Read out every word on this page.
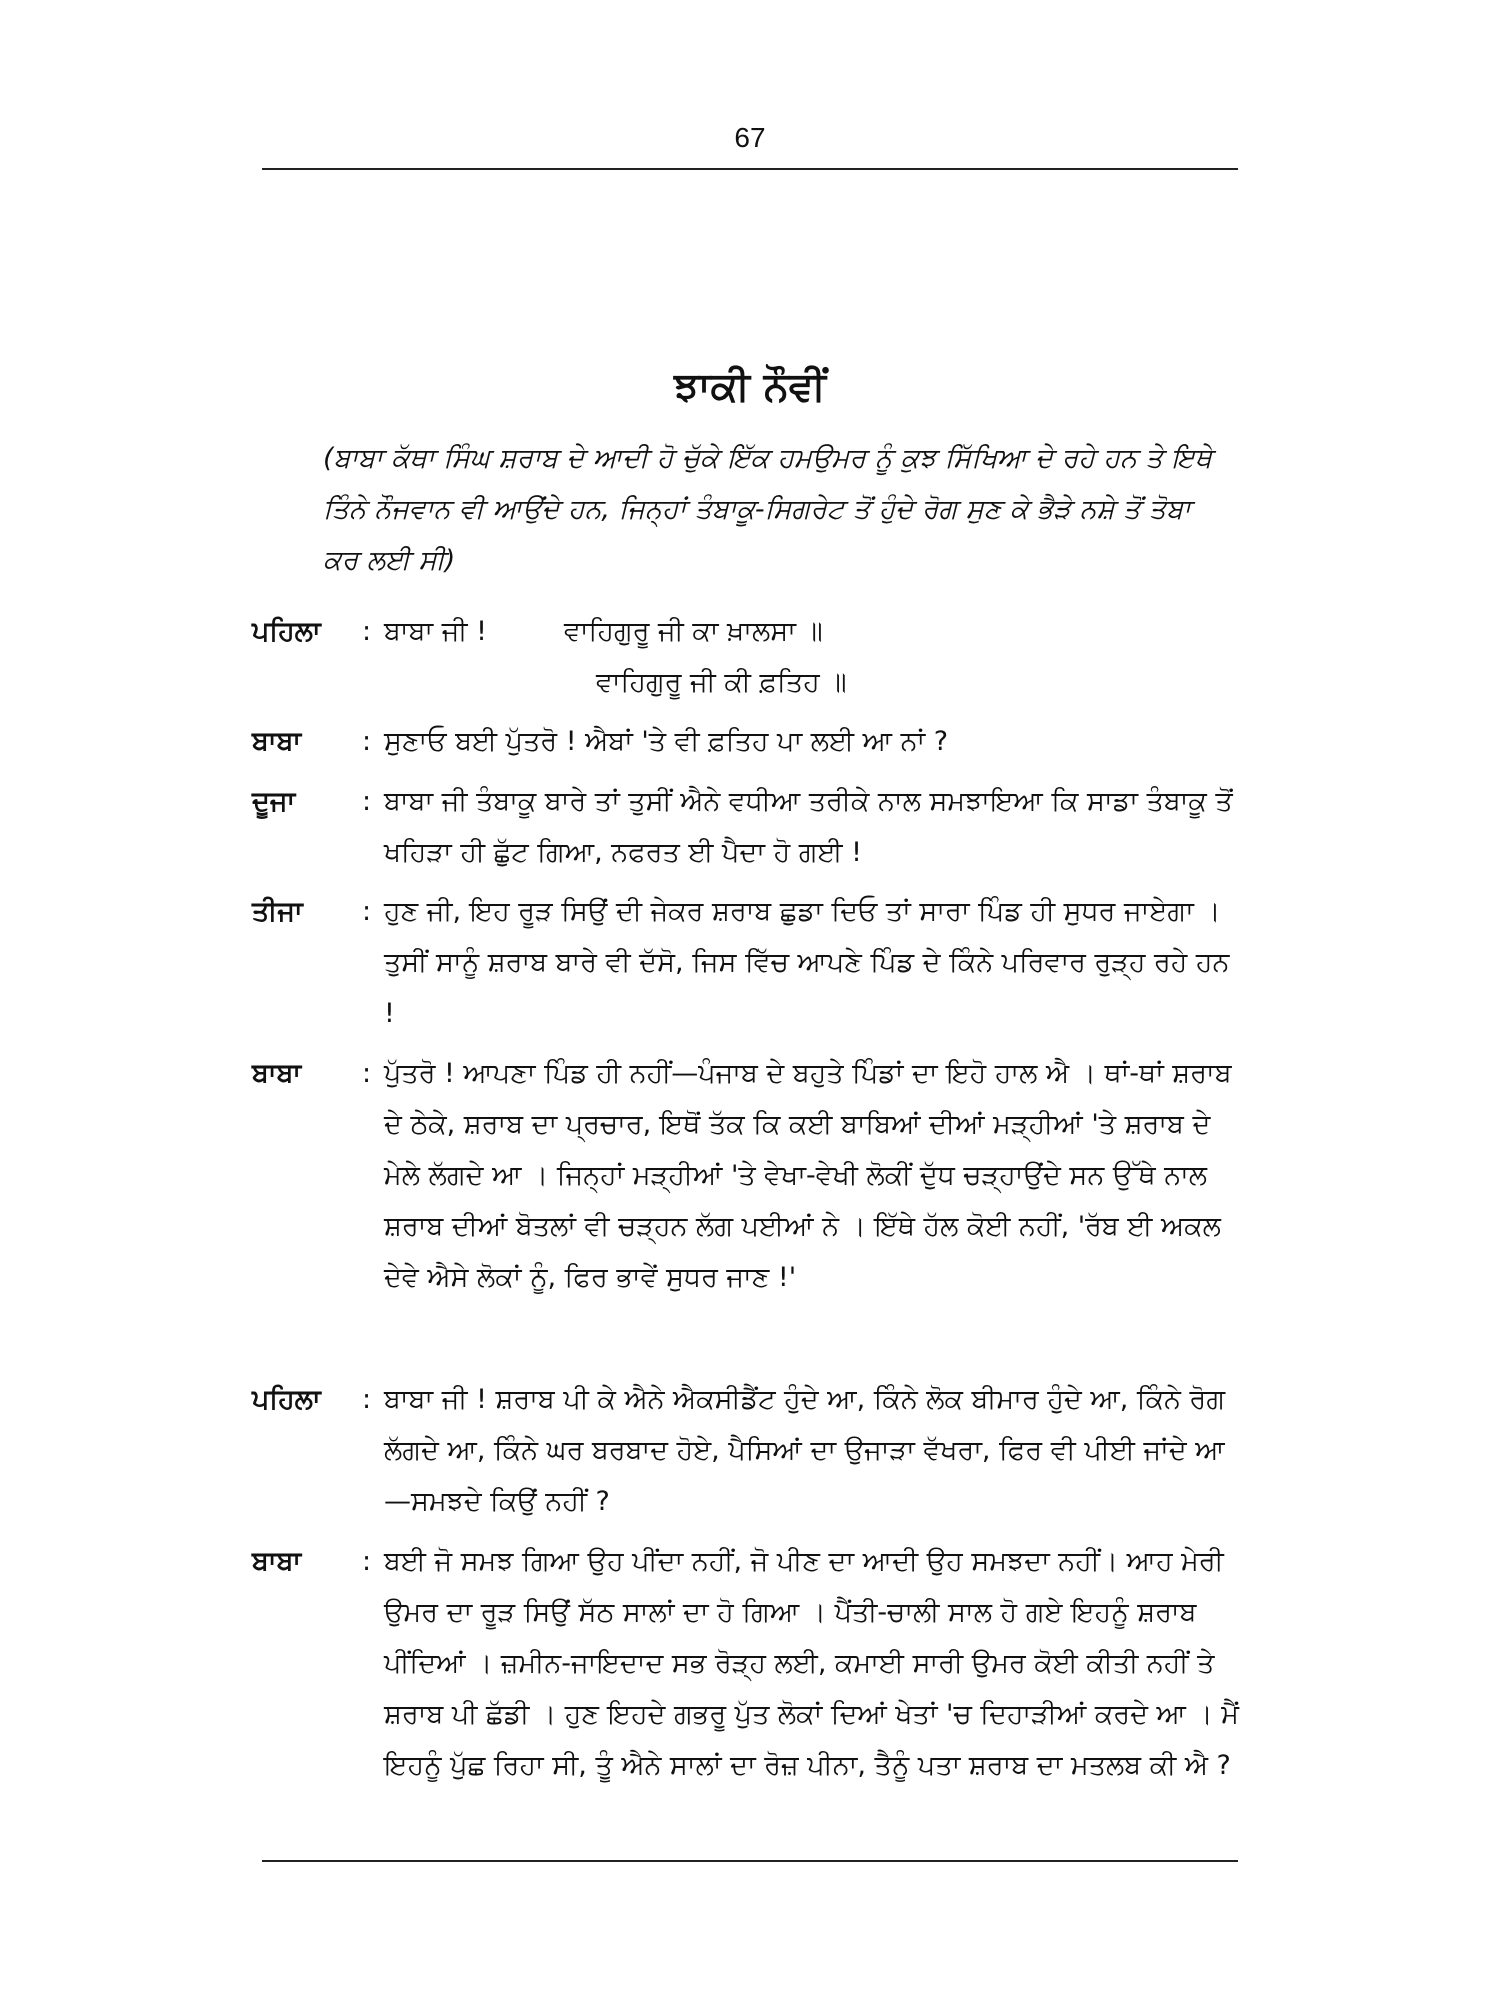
67
ਝਾਕੀ ਨੌਵੀਂ
(ਬਾਬਾ ਕੱਥਾ ਸਿੰਘ ਸ਼ਰਾਬ ਦੇ ਆਦੀ ਹੋ ਚੁੱਕੇ ਇੱਕ ਹਮਉਮਰ ਨੂੰ ਕੁਝ ਸਿੱਖਿਆ ਦੇ ਰਹੇ ਹਨ ਤੇ ਇਥੇ ਤਿੰਨੇ ਨੌਜਵਾਨ ਵੀ ਆਉਂਦੇ ਹਨ, ਜਿਨ੍ਹਾਂ ਤੰਬਾਕੂ-ਸਿਗਰੇਟ ਤੋਂ ਹੁੰਦੇ ਰੋਗ ਸੁਣ ਕੇ ਭੈੜੇ ਨਸ਼ੇ ਤੋਂ ਤੋਬਾ ਕਰ ਲਈ ਸੀ)
ਪਹਿਲਾ	: ਬਾਬਾ ਜੀ !	ਵਾਹਿਗੁਰੂ ਜੀ ਕਾ ਖ਼ਾਲਸਾ ॥
ਵਾਹਿਗੁਰੂ ਜੀ ਕੀ ਫ਼ਤਿਹ ॥
ਬਾਬਾ	: ਸੁਣਾਓ ਬਈ ਪੁੱਤਰੋ ! ਐਬਾਂ 'ਤੇ ਵੀ ਫ਼ਤਿਹ ਪਾ ਲਈ ਆ ਨਾਂ ?
ਦੂਜਾ	: ਬਾਬਾ ਜੀ ਤੰਬਾਕੂ ਬਾਰੇ ਤਾਂ ਤੁਸੀਂ ਐਨੇ ਵਧੀਆ ਤਰੀਕੇ ਨਾਲ ਸਮਝਾਇਆ ਕਿ ਸਾਡਾ ਤੰਬਾਕੂ ਤੋਂ ਖਹਿੜਾ ਹੀ ਛੁੱਟ ਗਿਆ, ਨਫਰਤ ਈ ਪੈਦਾ ਹੋ ਗਈ !
ਤੀਜਾ	: ਹੁਣ ਜੀ, ਇਹ ਰੂੜ ਸਿਉਂ ਦੀ ਜੇਕਰ ਸ਼ਰਾਬ ਛੁਡਾ ਦਿਓ ਤਾਂ ਸਾਰਾ ਪਿੰਡ ਹੀ ਸੁਧਰ ਜਾਏਗਾ । ਤੁਸੀਂ ਸਾਨੂੰ ਸ਼ਰਾਬ ਬਾਰੇ ਵੀ ਦੱਸੋ, ਜਿਸ ਵਿੱਚ ਆਪਣੇ ਪਿੰਡ ਦੇ ਕਿੰਨੇ ਪਰਿਵਾਰ ਰੁੜ੍ਹ ਰਹੇ ਹਨ !
ਬਾਬਾ	: ਪੁੱਤਰੋ ! ਆਪਣਾ ਪਿੰਡ ਹੀ ਨਹੀਂ—ਪੰਜਾਬ ਦੇ ਬਹੁਤੇ ਪਿੰਡਾਂ ਦਾ ਇਹੋ ਹਾਲ ਐ । ਥਾਂ-ਥਾਂ ਸ਼ਰਾਬ ਦੇ ਠੇਕੇ, ਸ਼ਰਾਬ ਦਾ ਪ੍ਰਚਾਰ, ਇਥੋਂ ਤੱਕ ਕਿ ਕਈ ਬਾਬਿਆਂ ਦੀਆਂ ਮੜ੍ਹੀਆਂ 'ਤੇ ਸ਼ਰਾਬ ਦੇ ਮੇਲੇ ਲੱਗਦੇ ਆ । ਜਿਨ੍ਹਾਂ ਮੜ੍ਹੀਆਂ 'ਤੇ ਵੇਖਾ-ਵੇਖੀ ਲੋਕੀਂ ਦੁੱਧ ਚੜ੍ਹਾਉਂਦੇ ਸਨ ਉੱਥੇ ਨਾਲ ਸ਼ਰਾਬ ਦੀਆਂ ਬੋਤਲਾਂ ਵੀ ਚੜ੍ਹਨ ਲੱਗ ਪਈਆਂ ਨੇ । ਇੱਥੇ ਹੱਲ ਕੋਈ ਨਹੀਂ, 'ਰੱਬ ਈ ਅਕਲ ਦੇਵੇ ਐਸੇ ਲੋਕਾਂ ਨੂੰ, ਫਿਰ ਭਾਵੇਂ ਸੁਧਰ ਜਾਣ !'
ਪਹਿਲਾ	: ਬਾਬਾ ਜੀ ! ਸ਼ਰਾਬ ਪੀ ਕੇ ਐਨੇ ਐਕਸੀਡੈਂਟ ਹੁੰਦੇ ਆ, ਕਿੰਨੇ ਲੋਕ ਬੀਮਾਰ ਹੁੰਦੇ ਆ, ਕਿੰਨੇ ਰੋਗ ਲੱਗਦੇ ਆ, ਕਿੰਨੇ ਘਰ ਬਰਬਾਦ ਹੋਏ, ਪੈਸਿਆਂ ਦਾ ਉਜਾੜਾ ਵੱਖਰਾ, ਫਿਰ ਵੀ ਪੀਈ ਜਾਂਦੇ ਆ—ਸਮਝਦੇ ਕਿਉਂ ਨਹੀਂ ?
ਬਾਬਾ	: ਬਈ ਜੋ ਸਮਝ ਗਿਆ ਉਹ ਪੀਂਦਾ ਨਹੀਂ, ਜੋ ਪੀਣ ਦਾ ਆਦੀ ਉਹ ਸਮਝਦਾ ਨਹੀਂ। ਆਹ ਮੇਰੀ ਉਮਰ ਦਾ ਰੂੜ ਸਿਉਂ ਸੱਠ ਸਾਲਾਂ ਦਾ ਹੋ ਗਿਆ । ਪੈਂਤੀ-ਚਾਲੀ ਸਾਲ ਹੋ ਗਏ ਇਹਨੂੰ ਸ਼ਰਾਬ ਪੀਂਦਿਆਂ । ਜ਼ਮੀਨ-ਜਾਇਦਾਦ ਸਭ ਰੋੜ੍ਹ ਲਈ, ਕਮਾਈ ਸਾਰੀ ਉਮਰ ਕੋਈ ਕੀਤੀ ਨਹੀਂ ਤੇ ਸ਼ਰਾਬ ਪੀ ਛੱਡੀ । ਹੁਣ ਇਹਦੇ ਗਭਰੂ ਪੁੱਤ ਲੋਕਾਂ ਦਿਆਂ ਖੇਤਾਂ 'ਚ ਦਿਹਾੜੀਆਂ ਕਰਦੇ ਆ । ਮੈਂ ਇਹਨੂੰ ਪੁੱਛ ਰਿਹਾ ਸੀ, ਤੂੰ ਐਨੇ ਸਾਲਾਂ ਦਾ ਰੋਜ਼ ਪੀਨਾ, ਤੈਨੂੰ ਪਤਾ ਸ਼ਰਾਬ ਦਾ ਮਤਲਬ ਕੀ ਐ ?
